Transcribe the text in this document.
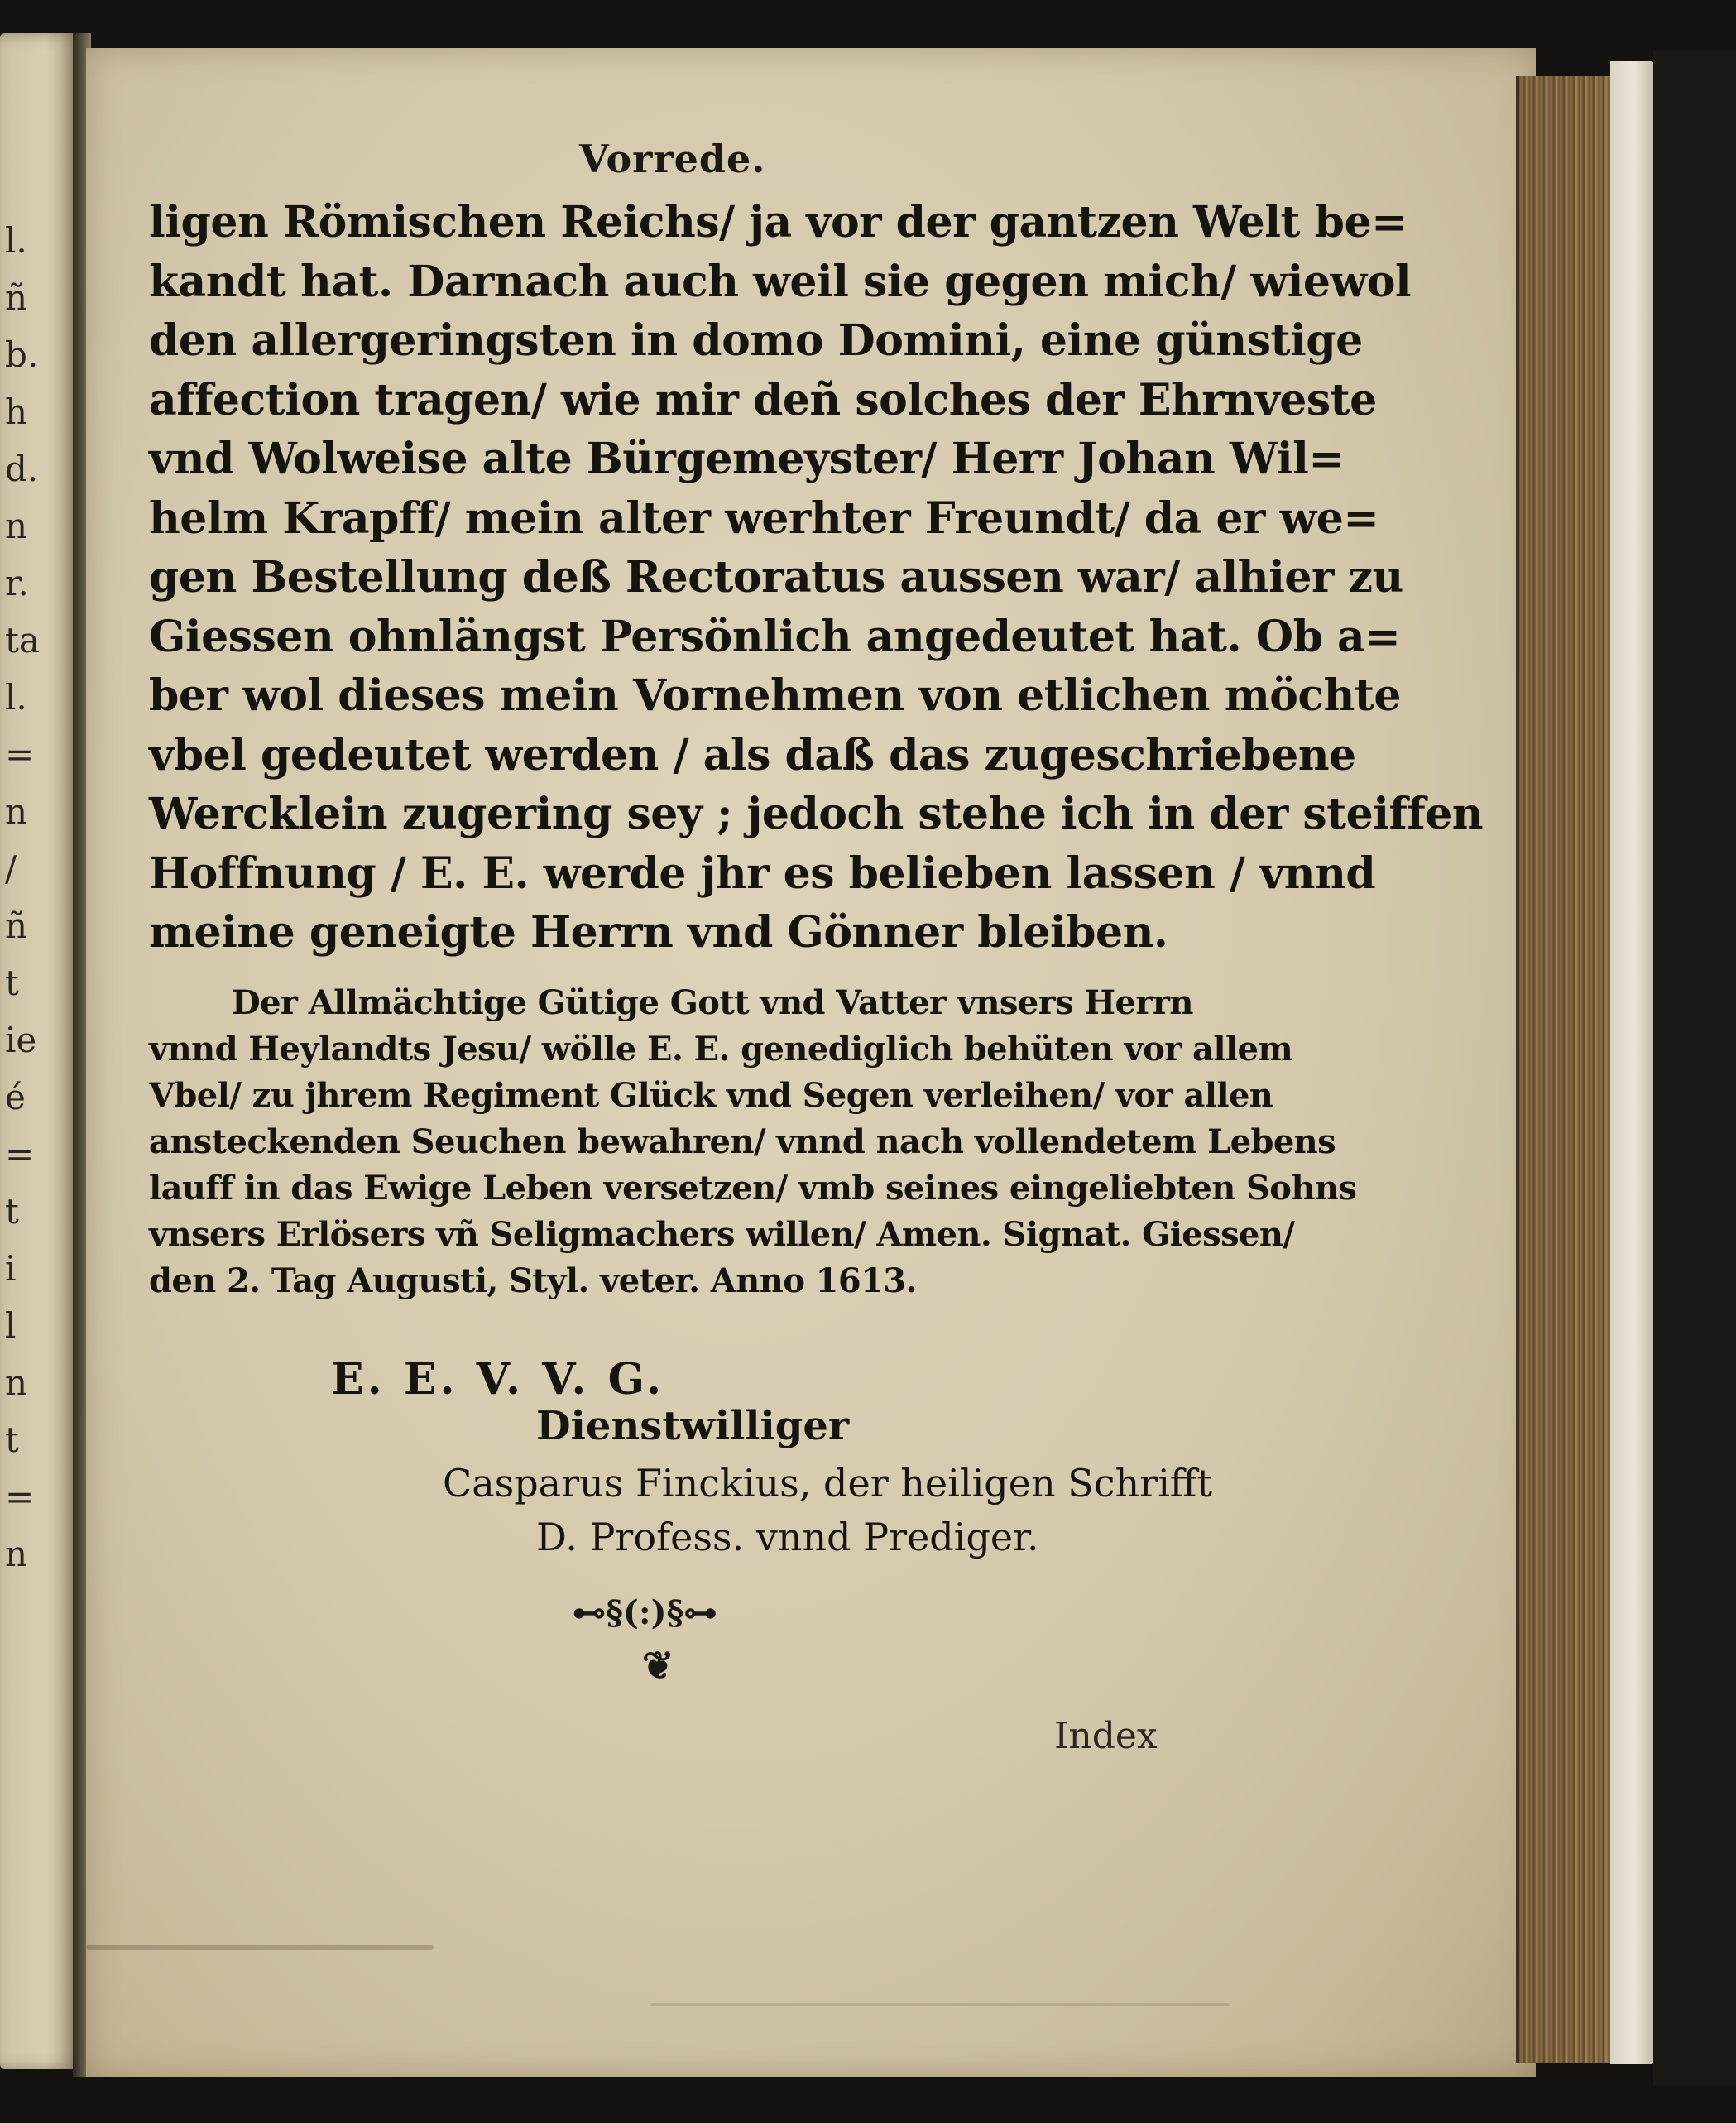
l.
ñ
b.
h
d.
n
r.
ta
l.
=
n
/
ñ
t
ie
é
=
t
i
l
n
t
=
n
Vorrede.
ligen Römischen Reichs/ ja vor der gantzen Welt be=
kandt hat. Darnach auch weil sie gegen mich/ wiewol
den allergeringsten in domo Domini, eine günstige
affection tragen/ wie mir deñ solches der Ehrnveste
vnd Wolweise alte Bürgemeyster/ Herr Johan Wil=
helm Krapff/ mein alter werhter Freundt/ da er we=
gen Bestellung deß Rectoratus aussen war/ alhier zu
Giessen ohnlängst Persönlich angedeutet hat. Ob a=
ber wol dieses mein Vornehmen von etlichen möchte
vbel gedeutet werden / als daß das zugeschriebene
Wercklein zugering sey ; jedoch stehe ich in der steiffen
Hoffnung / E. E. werde jhr es belieben lassen / vnnd
meine geneigte Herrn vnd Gönner bleiben.
Der Allmächtige Gütige Gott vnd Vatter vnsers Herrn
vnnd Heylandts Jesu/ wölle E. E. genediglich behüten vor allem
Vbel/ zu jhrem Regiment Glück vnd Segen verleihen/ vor allen
ansteckenden Seuchen bewahren/ vnnd nach vollendetem Lebens
lauff in das Ewige Leben versetzen/ vmb seines eingeliebten Sohns
vnsers Erlösers vñ Seligmachers willen/ Amen. Signat. Giessen/
den 2. Tag Augusti, Styl. veter. Anno 1613.
E. E. V. V. G.
Dienstwilliger
Casparus Finckius, der heiligen Schrifft
D. Profess. vnnd Prediger.
⊷§(:)§⊶
❦
Index
